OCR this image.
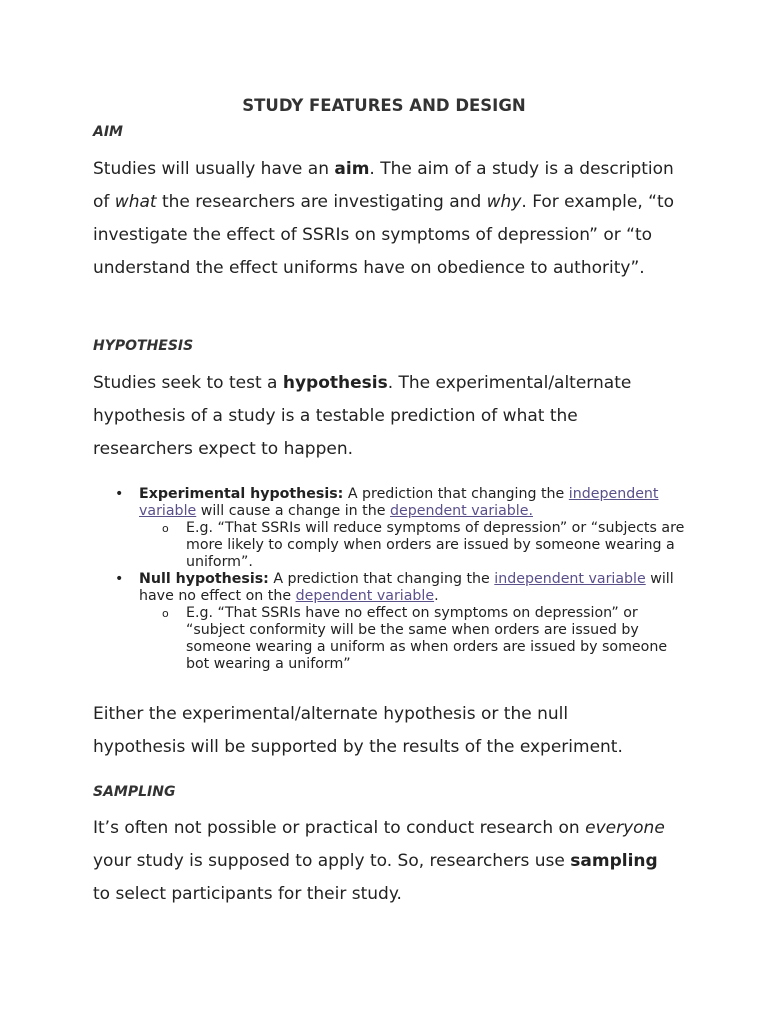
STUDY FEATURES AND DESIGN
AIM

Studies will usually have an aim. The aim of a study is a description of what the researchers are investigating and why. For example, “to investigate the effect of SSRIs on symptoms of depression” or “to understand the effect uniforms have on obedience to authority”.

HYPOTHESIS

Studies seek to test a hypothesis. The experimental/alternate hypothesis of a study is a testable prediction of what the researchers expect to happen.

• Experimental hypothesis: A prediction that changing the independent variable will cause a change in the dependent variable.
o E.g. “That SSRIs will reduce symptoms of depression” or “subjects are more likely to comply when orders are issued by someone wearing a uniform”.
• Null hypothesis: A prediction that changing the independent variable will have no effect on the dependent variable.
o E.g. “That SSRIs have no effect on symptoms on depression” or “subject conformity will be the same when orders are issued by someone wearing a uniform as when orders are issued by someone bot wearing a uniform”
Either the experimental/alternate hypothesis or the null hypothesis will be supported by the results of the experiment.
SAMPLING

It’s often not possible or practical to conduct research on everyone your study is supposed to apply to. So, researchers use sampling to select participants for their study.
